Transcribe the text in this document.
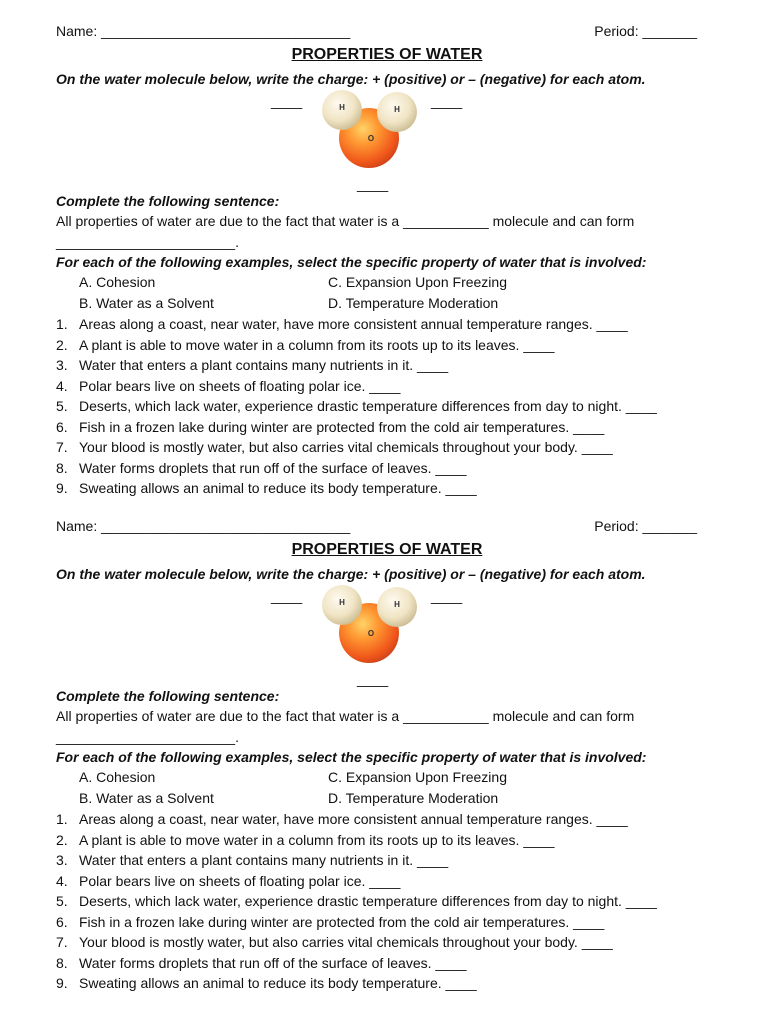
Name: ________________________________	Period: _______
PROPERTIES OF WATER
On the water molecule below, write the charge: + (positive) or – (negative) for each atom.
____	____
H	H
O
____
Complete the following sentence:
All properties of water are due to the fact that water is a ___________ molecule and can form
_______________________.
For each of the following examples, select the specific property of water that is involved:
A. Cohesion
B. Water as a Solvent
C. Expansion Upon Freezing
D. Temperature Moderation
1. Areas along a coast, near water, have more consistent annual temperature ranges. ____
2. A plant is able to move water in a column from its roots up to its leaves. ____
3. Water that enters a plant contains many nutrients in it. ____
4. Polar bears live on sheets of floating polar ice. ____
5. Deserts, which lack water, experience drastic temperature differences from day to night. ____
6. Fish in a frozen lake during winter are protected from the cold air temperatures. ____
7. Your blood is mostly water, but also carries vital chemicals throughout your body. ____
8. Water forms droplets that run off of the surface of leaves. ____
9. Sweating allows an animal to reduce its body temperature. ____
Name: ________________________________	Period: _______
PROPERTIES OF WATER
On the water molecule below, write the charge: + (positive) or – (negative) for each atom.
____	____
H	H
O
____
Complete the following sentence:
All properties of water are due to the fact that water is a ___________ molecule and can form
_______________________.
For each of the following examples, select the specific property of water that is involved:
A. Cohesion
B. Water as a Solvent
C. Expansion Upon Freezing
D. Temperature Moderation
1. Areas along a coast, near water, have more consistent annual temperature ranges. ____
2. A plant is able to move water in a column from its roots up to its leaves. ____
3. Water that enters a plant contains many nutrients in it. ____
4. Polar bears live on sheets of floating polar ice. ____
5. Deserts, which lack water, experience drastic temperature differences from day to night. ____
6. Fish in a frozen lake during winter are protected from the cold air temperatures. ____
7. Your blood is mostly water, but also carries vital chemicals throughout your body. ____
8. Water forms droplets that run off of the surface of leaves. ____
9. Sweating allows an animal to reduce its body temperature. ____
